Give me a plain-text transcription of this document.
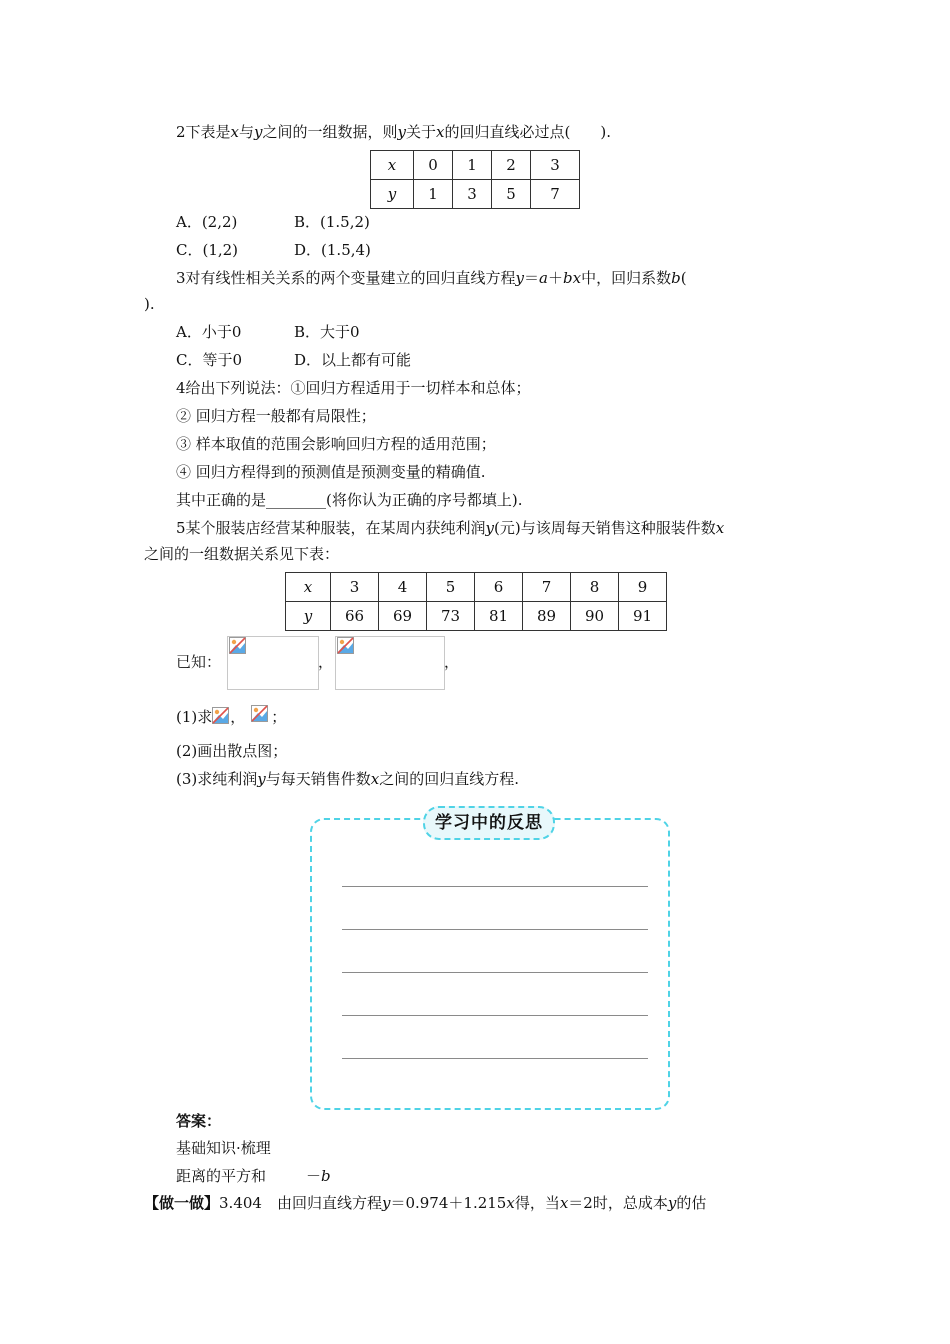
2下表是x与y之间的一组数据，则y关于x的回归直线必过点(　　).
x	0	1	2	3
y	1	3	5	7
A．(2,2)	B．(1.5,2)
C．(1,2)	D．(1.5,4)
3对有线性相关关系的两个变量建立的回归直线方程y＝a＋bx中，回归系数b(
).
A．小于0	B．大于0
C．等于0	D．以上都有可能
4给出下列说法：①回归方程适用于一切样本和总体；
② 回归方程一般都有局限性；
③ 样本取值的范围会影响回归方程的适用范围；
④ 回归方程得到的预测值是预测变量的精确值.
其中正确的是________(将你认为正确的序号都填上).
5某个服装店经营某种服装，在某周内获纯利润y(元)与该周每天销售这种服装件数x
之间的一组数据关系见下表：
x	3	4	5	6	7	8	9
y	66	69	73	81	89	90	91
已知：	，	，
(1)求 ， ；
(2)画出散点图；
(3)求纯利润y与每天销售件数x之间的回归直线方程.
学习中的反思
答案：
基础知识·梳理
距离的平方和	－b
【做一做】3.404　由回归直线方程y＝0.974＋1.215x得，当x＝2时，总成本y的估
